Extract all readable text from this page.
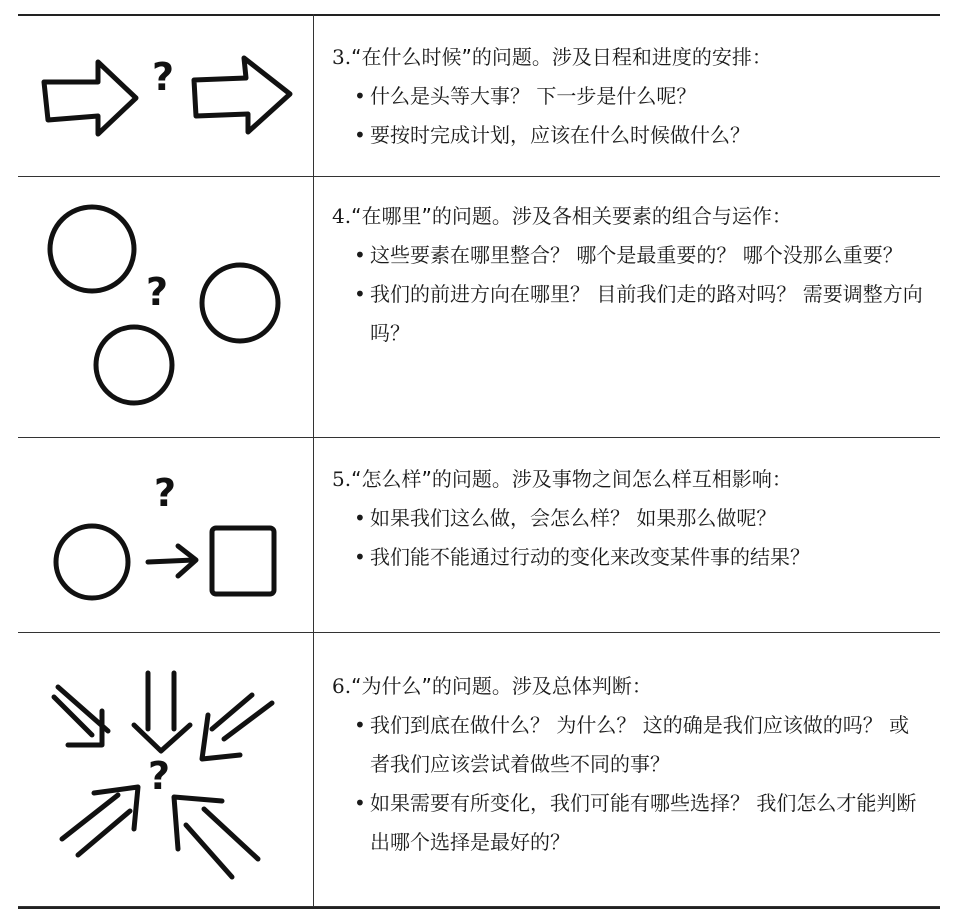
?	3.“在什么时候”的问题。涉及日程和进度的安排：
• 什么是头等大事？ 下一步是什么呢？
• 要按时完成计划，应该在什么时候做什么？
?
4.“在哪里”的问题。涉及各相关要素的组合与运作：
• 这些要素在哪里整合？ 哪个是最重要的？ 哪个没那么重要？
• 我们的前进方向在哪里？ 目前我们走的路对吗？ 需要调整方向吗？
?	5.“怎么样”的问题。涉及事物之间怎么样互相影响：
• 如果我们这么做，会怎么样？ 如果那么做呢？
• 我们能不能通过行动的变化来改变某件事的结果？
?
6.“为什么”的问题。涉及总体判断：
• 我们到底在做什么？ 为什么？ 这的确是我们应该做的吗？ 或者我们应该尝试着做些不同的事？
• 如果需要有所变化，我们可能有哪些选择？ 我们怎么才能判断出哪个选择是最好的？
